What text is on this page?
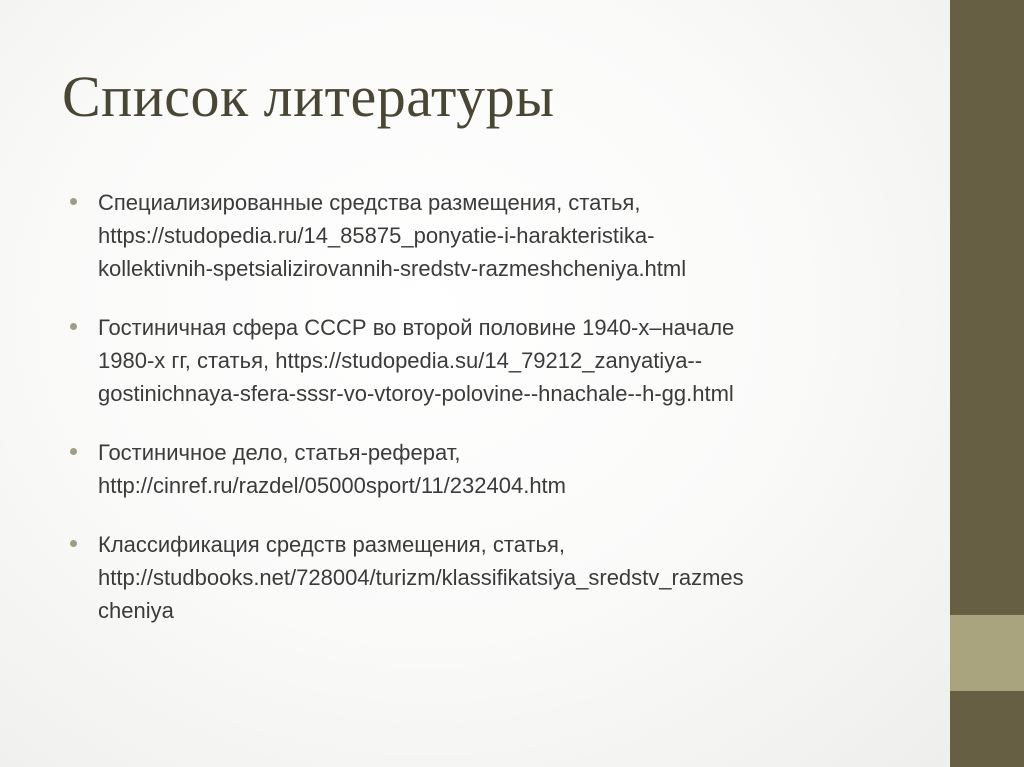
Список литературы
Специализированные средства размещения, статья,
https://studopedia.ru/14_85875_ponyatie-i-harakteristika-
kollektivnih-spetsializirovannih-sredstv-razmeshcheniya.html
Гостиничная сфера СССР во второй половине 1940-х–начале
1980-х гг, статья, https://studopedia.su/14_79212_zanyatiya--
gostinichnaya-sfera-sssr-vo-vtoroy-polovine--hnachale--h-gg.html
Гостиничное дело, статья-реферат,
http://cinref.ru/razdel/05000sport/11/232404.htm
Классификация средств размещения, статья,
http://studbooks.net/728004/turizm/klassifikatsiya_sredstv_razmes
cheniya
